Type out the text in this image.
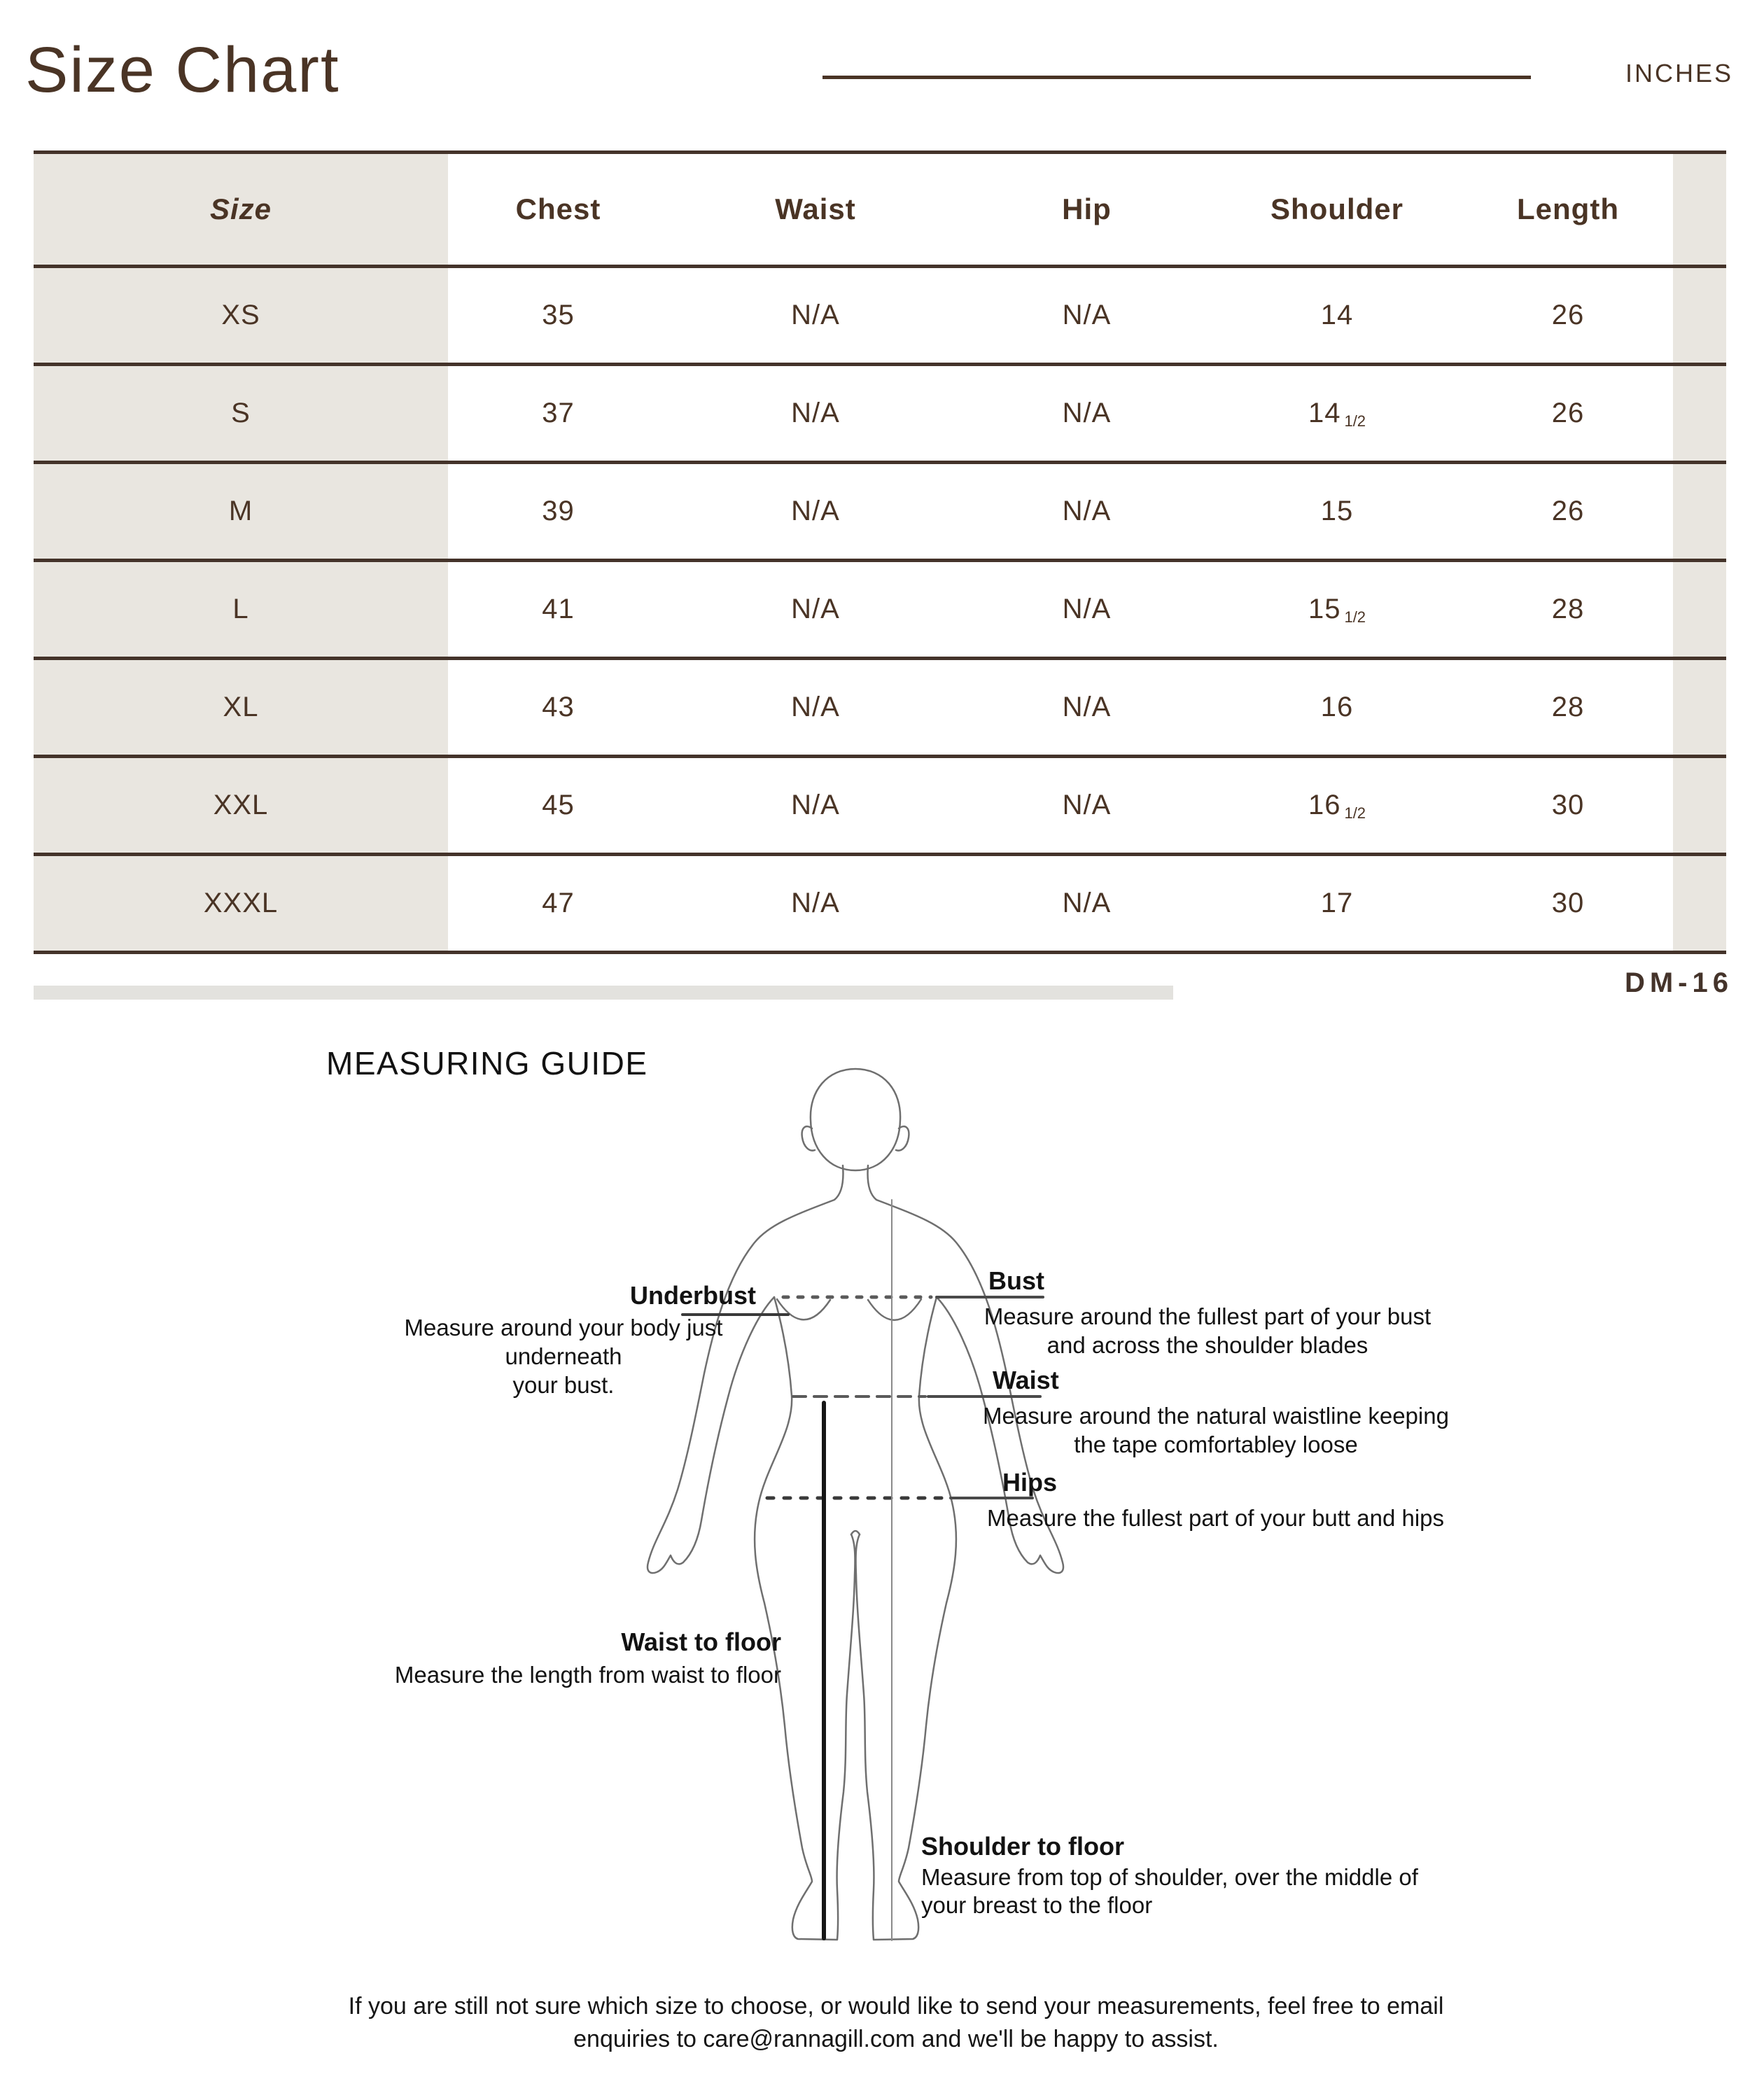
Size Chart	INCHES
Size	Chest	Waist	Hip	Shoulder	Length
XS	35	N/A	N/A	14	26
S	37	N/A	N/A	14 1/2	26
M	39	N/A	N/A	15	26
L	41	N/A	N/A	15 1/2	28
XL	43	N/A	N/A	16	28
XXL	45	N/A	N/A	16 1/2	30
XXXL	47	N/A	N/A	17	30
DM-16
MEASURING GUIDE
Underbust
Measure around your body just underneath
your bust.
Bust
Measure around the fullest part of your bust
and across the shoulder blades
Waist
Measure around the natural waistline keeping
the tape comfortabley loose
Hips
Measure the fullest part of your butt and hips
Waist to floor
Measure the length from waist to floor
Shoulder to floor
Measure from top of shoulder, over the middle of
your breast to the floor
If you are still not sure which size to choose, or would like to send your measurements, feel free to email
enquiries to care@rannagill.com and we'll be happy to assist.
